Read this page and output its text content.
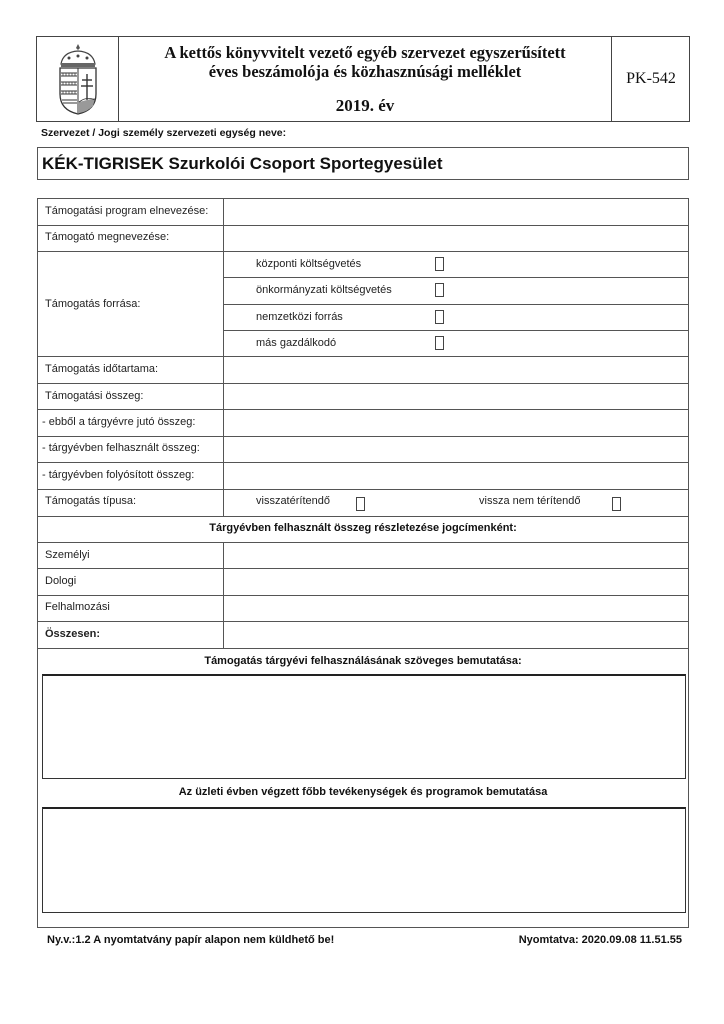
A kettős könyvvitelt vezető egyéb szervezet egyszerűsített
éves beszámolója és közhasznúsági melléklet
2019. év
PK-542
Szervezet / Jogi személy szervezeti egység neve:
KÉK-TIGRISEK Szurkolói Csoport Sportegyesület
Támogatási program elnevezése:
Támogató megnevezése:
Támogatás forrása:
központi költségvetés
önkormányzati költségvetés
nemzetközi forrás
más gazdálkodó
Támogatás időtartama:
Támogatási összeg:
- ebből a tárgyévre jutó összeg:
- tárgyévben felhasznált összeg:
- tárgyévben folyósított összeg:
Támogatás típusa:	visszatérítendő	vissza nem térítendő
Tárgyévben felhasznált összeg részletezése jogcímenként:
Személyi
Dologi
Felhalmozási
Összesen:
Támogatás tárgyévi felhasználásának szöveges bemutatása:
Az üzleti évben végzett főbb tevékenységek és programok bemutatása
Ny.v.:1.2 A nyomtatvány papír alapon nem küldhető be!	Nyomtatva: 2020.09.08 11.51.55
